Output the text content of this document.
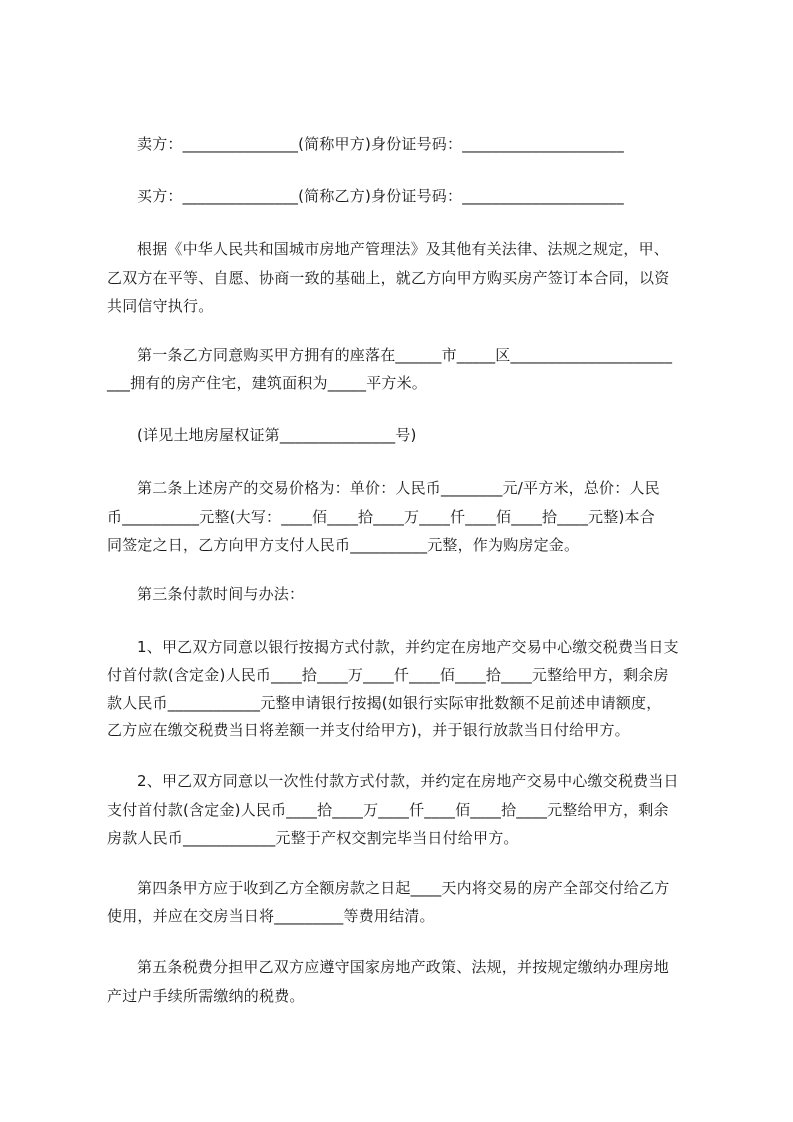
卖方：_______________(简称甲方)身份证号码：_____________________
买方：_______________(简称乙方)身份证号码：_____________________
根据《中华人民共和国城市房地产管理法》及其他有关法律、法规之规定，甲、
乙双方在平等、自愿、协商一致的基础上，就乙方向甲方购买房产签订本合同，以资
共同信守执行。
第一条乙方同意购买甲方拥有的座落在______市_____区_____________________
___拥有的房产住宅，建筑面积为_____平方米。
(详见土地房屋权证第_______________号)
第二条上述房产的交易价格为：单价：人民币________元/平方米，总价：人民
币__________元整(大写：____佰____拾____万____仟____佰____拾____元整)本合
同签定之日，乙方向甲方支付人民币__________元整，作为购房定金。
第三条付款时间与办法：
1、甲乙双方同意以银行按揭方式付款，并约定在房地产交易中心缴交税费当日支
付首付款(含定金)人民币____拾____万____仟____佰____拾____元整给甲方，剩余房
款人民币____________元整申请银行按揭(如银行实际审批数额不足前述申请额度，
乙方应在缴交税费当日将差额一并支付给甲方)，并于银行放款当日付给甲方。
2、甲乙双方同意以一次性付款方式付款，并约定在房地产交易中心缴交税费当日
支付首付款(含定金)人民币____拾____万____仟____佰____拾____元整给甲方，剩余
房款人民币____________元整于产权交割完毕当日付给甲方。
第四条甲方应于收到乙方全额房款之日起____天内将交易的房产全部交付给乙方
使用，并应在交房当日将_________等费用结清。
第五条税费分担甲乙双方应遵守国家房地产政策、法规，并按规定缴纳办理房地
产过户手续所需缴纳的税费。
